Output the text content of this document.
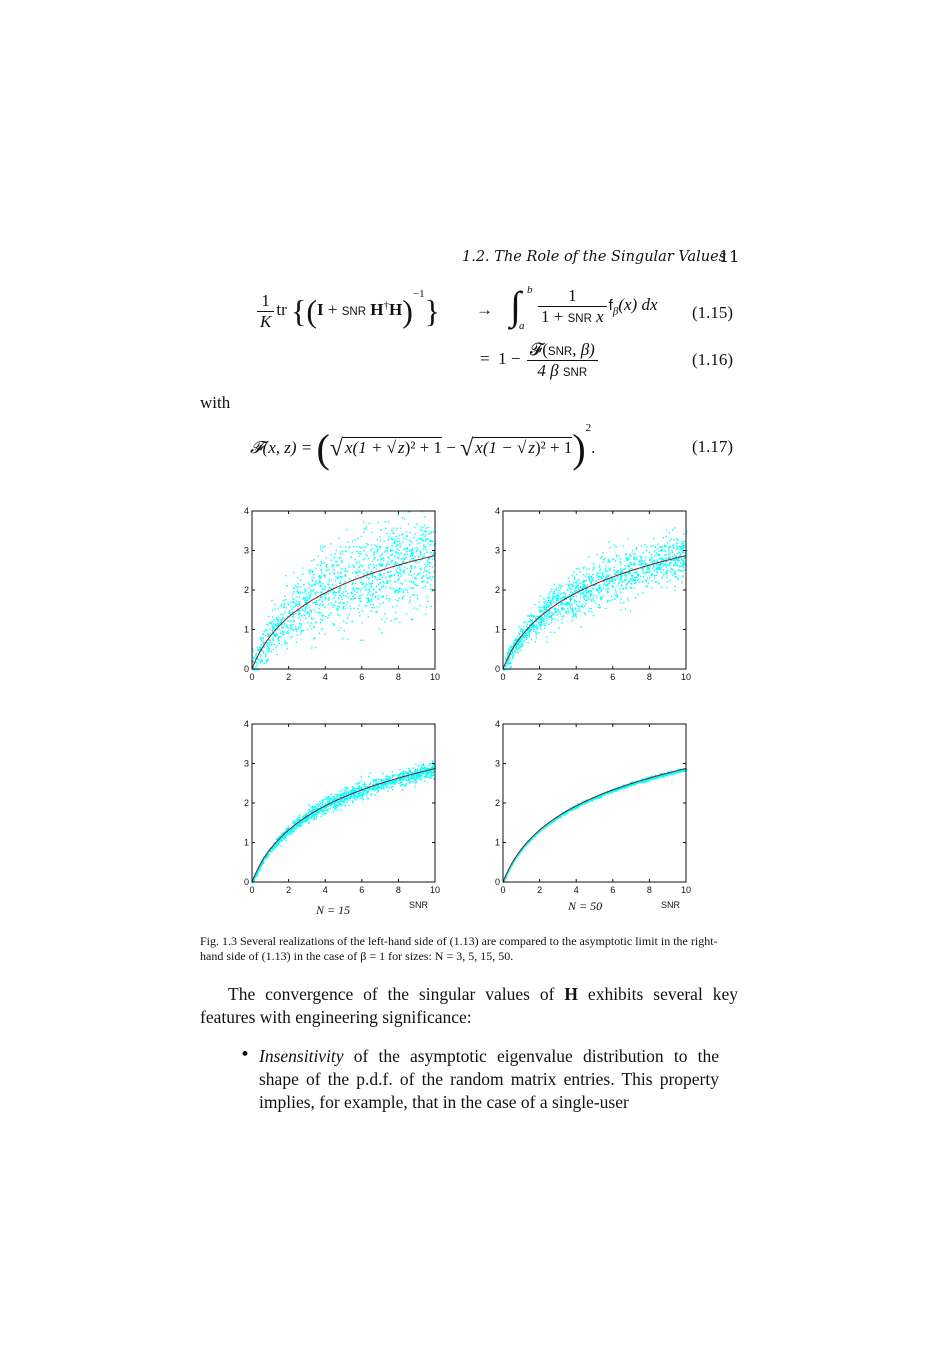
1.2. The Role of the Singular Values
11
$\frac{1}{K}$ tr {(I + SNR H†H)$^{-1}$} → ∫ b
a $\frac{1}{\text{1 + SNR x}} f_\beta(x)$ dx (1.15)
= $1 - \frac{\text{𝓕(SNR, β)}}{\text{4 β SNR}}$	(1.16)
with
𝓕(x, z) = (√ x(1 + √ z)² + 1 − √ x(1 − √ z)² + 1)$^2$.	(1.17)
0	2	4	6	8	10
0
1
2
3
4
0	2	4	6	8	10
0
1
2
3
4
0	2	4	6	8	10
0
1
2
3
4
0	2	4	6	8	10
0
1
2
3
4
N = 15	SNR	N = 50	SNR
Fig. 1.3 Several realizations of the left-hand side of (1.13) are compared to the asymptotic limit in the right-hand side of (1.13) in the case of β = 1 for sizes: N = 3, 5, 15, 50.
The convergence of the singular values of H exhibits several key features with engineering significance:
• Insensitivity of the asymptotic eigenvalue distribution to the shape of the p.d.f. of the random matrix entries. This property implies, for example, that in the case of a single-user
